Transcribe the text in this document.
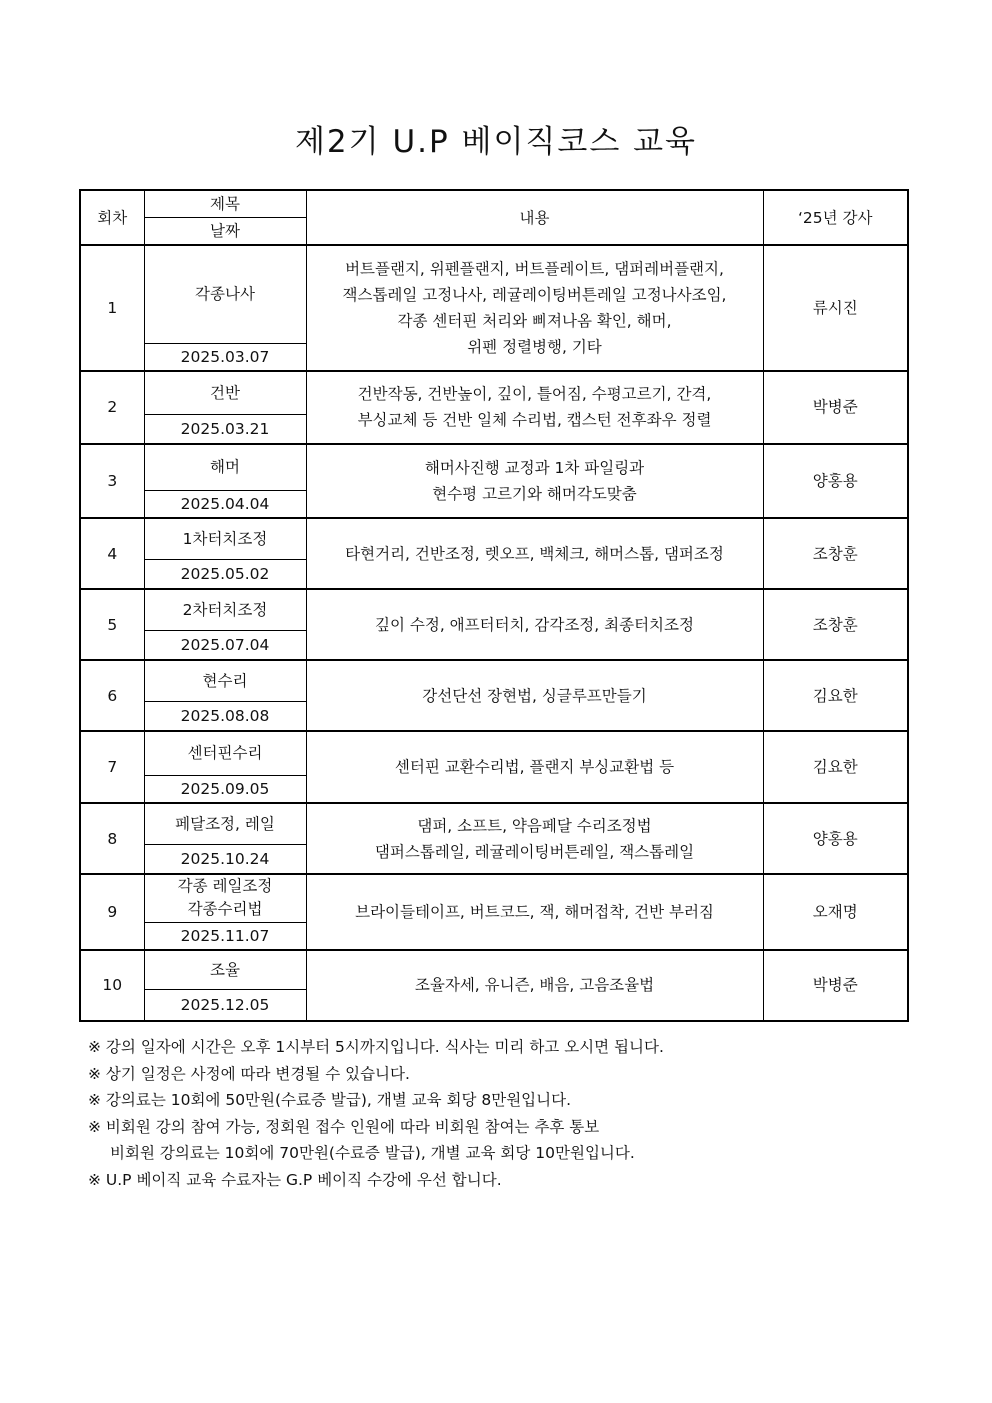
제2기 U.P 베이직코스 교육
회차	제목	내용	‘25년 강사
	날짜		
1	각종나사	버트플랜지, 위펜플랜지, 버트플레이트, 댐퍼레버플랜지,
잭스톱레일 고정나사, 레귤레이팅버튼레일 고정나사조임,
각종 센터핀 처리와 삐져나옴 확인, 해머,
위펜 정렬병행, 기타	류시진
	2025.03.07		
2	건반	건반작동, 건반높이, 깊이, 틀어짐, 수평고르기, 간격,
부싱교체 등 건반 일체 수리법, 캡스턴 전후좌우 정렬	박병준
	2025.03.21		
3	해머	해머사진행 교정과 1차 파일링과
현수평 고르기와 해머각도맞춤	양홍용
	2025.04.04		
4	1차터치조정	타현거리, 건반조정, 렛오프, 백체크, 해머스톱, 댐퍼조정	조창훈
	2025.05.02		
5	2차터치조정	깊이 수정, 애프터터치, 감각조정, 최종터치조정	조창훈
	2025.07.04		
6	현수리	강선단선 장현법, 싱글루프만들기	김요한
	2025.08.08		
7	센터핀수리	센터핀 교환수리법, 플랜지 부싱교환법 등	김요한
	2025.09.05		
8	페달조정, 레일	댐퍼, 소프트, 약음페달 수리조정법
댐퍼스톱레일, 레귤레이팅버튼레일, 잭스톱레일	양홍용
	2025.10.24		
9	각종 레일조정 각종수리법	브라이들테이프, 버트코드, 잭, 해머접착, 건반 부러짐	오재명
	2025.11.07		
10	조율	조율자세, 유니즌, 배음, 고음조율법	박병준
	2025.12.05		
※ 강의 일자에 시간은 오후 1시부터 5시까지입니다. 식사는 미리 하고 오시면 됩니다.
※ 상기 일정은 사정에 따라 변경될 수 있습니다.
※ 강의료는 10회에 50만원(수료증 발급), 개별 교육 회당 8만원입니다.
※ 비회원 강의 참여 가능, 정회원 접수 인원에 따라 비회원 참여는 추후 통보
비회원 강의료는 10회에 70만원(수료증 발급), 개별 교육 회당 10만원입니다.
※ U.P 베이직 교육 수료자는 G.P 베이직 수강에 우선 합니다.
